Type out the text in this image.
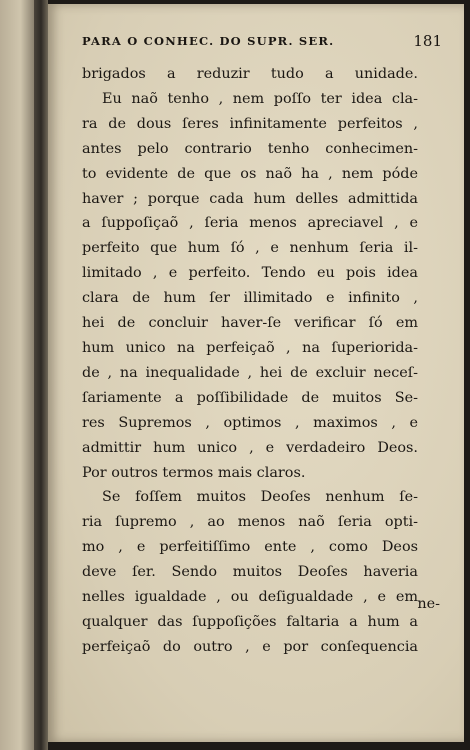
PARA O CONHEC. DO SUPR. SER.	181
brigados a reduzir tudo a unidade.
Eu naõ tenho , nem poſſo ter idea cla-
ra de dous ſeres infinitamente perfeitos ,
antes pelo contrario tenho conhecimen-
to evidente de que os naõ ha , nem póde
haver ; porque cada hum delles admittida
a ſuppoſiçaõ , ſeria menos apreciavel , e
perfeito que hum ſó , e nenhum ſeria il-
limitado , e perfeito. Tendo eu pois idea
clara de hum ſer illimitado e infinito ,
hei de concluir haver-ſe verificar ſó em
hum unico na perfeiçaõ , na ſuperiorida-
de , na inequalidade , hei de excluir neceſ-
ſariamente a poſſibilidade de muitos Se-
res Supremos , optimos , maximos , e
admittir hum unico , e verdadeiro Deos.
Por outros termos mais claros.
Se foſſem muitos Deoſes nenhum ſe-
ria ſupremo , ao menos naõ ſeria opti-
mo , e perfeitiſſimo ente , como Deos
deve ſer. Sendo muitos Deoſes haveria
nelles igualdade , ou deſigualdade , e em
qualquer das ſuppoſições faltaria a hum a
perfeiçaõ do outro , e por conſequencia
ne-
